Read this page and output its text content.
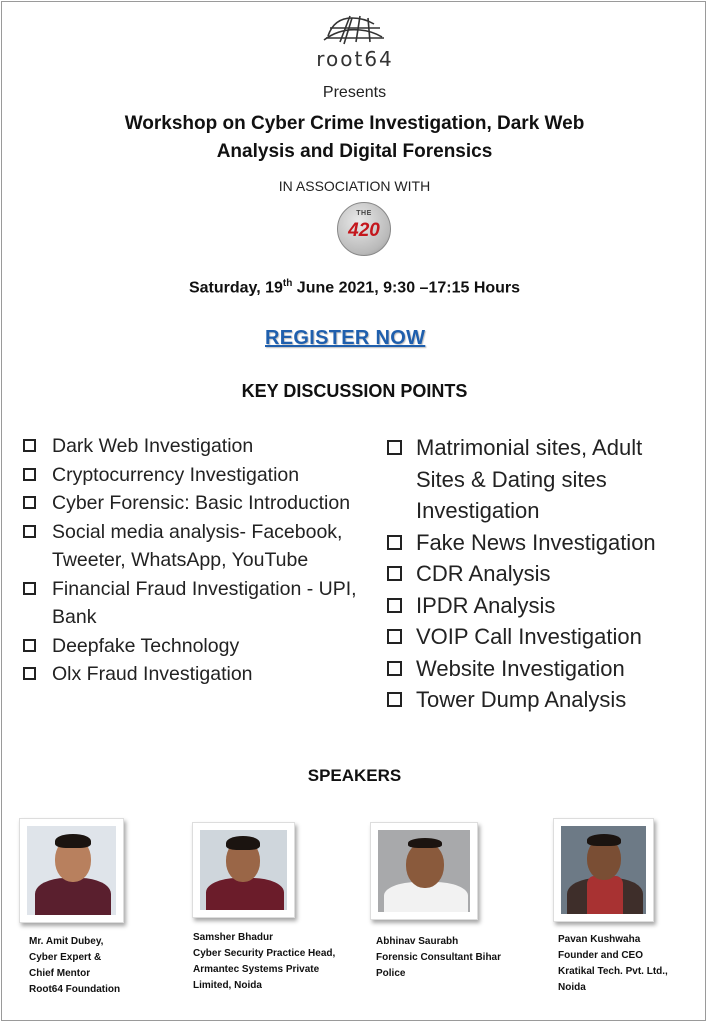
root64
Presents
Workshop on Cyber Crime Investigation, Dark Web
Analysis and Digital Forensics
IN ASSOCIATION WITH
THE
420
Saturday, 19th June 2021, 9:30 –17:15 Hours
REGISTER NOW
KEY DISCUSSION POINTS
Dark Web Investigation
Cryptocurrency Investigation
Cyber Forensic: Basic Introduction
Social media analysis- Facebook, Tweeter, WhatsApp, YouTube
Financial Fraud Investigation - UPI, Bank
Deepfake Technology
Olx Fraud Investigation
Matrimonial sites, Adult Sites & Dating sites Investigation
Fake News Investigation
CDR Analysis
IPDR Analysis
VOIP Call Investigation
Website Investigation
Tower Dump Analysis
SPEAKERS
Mr. Amit Dubey,
Cyber Expert &
Chief Mentor
Root64 Foundation
Samsher Bhadur
Cyber Security Practice Head,
Armantec Systems Private
Limited, Noida
Abhinav Saurabh
Forensic Consultant Bihar
Police
Pavan Kushwaha
Founder and CEO
Kratikal Tech. Pvt. Ltd.,
Noida
